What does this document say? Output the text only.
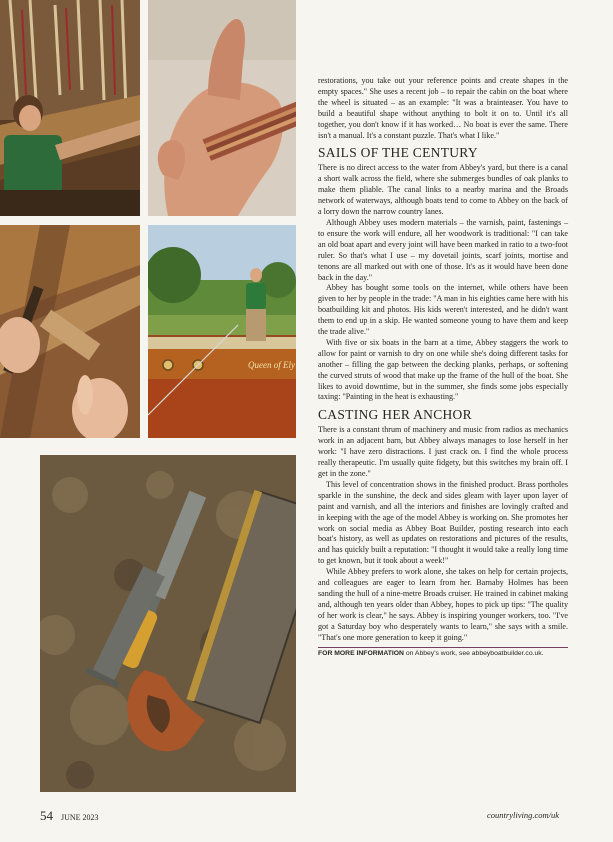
Queen of Ely

restorations, you take out your reference points and create shapes in the empty spaces." She uses a recent job – to repair the cabin on the boat where the wheel is situated – as an example: "It was a brainteaser. You have to build a beautiful shape without anything to bolt it on to. Until it's all together, you don't know if it has worked… No boat is ever the same. There isn't a manual. It's a constant puzzle. That's what I like."

SAILS OF THE CENTURY

There is no direct access to the water from Abbey's yard, but there is a canal a short walk across the field, where she submerges bundles of oak planks to make them pliable. The canal links to a nearby marina and the Broads network of waterways, although boats tend to come to Abbey on the back of a lorry down the narrow country lanes.

Although Abbey uses modern materials – the varnish, paint, fastenings – to ensure the work will endure, all her woodwork is traditional: "I can take an old boat apart and every joint will have been marked in ratio to a two-foot ruler. So that's what I use – my dovetail joints, scarf joints, mortise and tenons are all marked out with one of those. It's as it would have been done back in the day."

Abbey has bought some tools on the internet, while others have been given to her by people in the trade: "A man in his eighties came here with his boatbuilding kit and photos. His kids weren't interested, and he didn't want them to end up in a skip. He wanted someone young to have them and keep the trade alive."

With five or six boats in the barn at a time, Abbey staggers the work to allow for paint or varnish to dry on one while she's doing different tasks for another – filling the gap between the decking planks, perhaps, or softening the curved struts of wood that make up the frame of the hull of the boat. She likes to avoid downtime, but in the summer, she finds some jobs especially taxing: "Painting in the heat is exhausting."

CASTING HER ANCHOR

There is a constant thrum of machinery and music from radios as mechanics work in an adjacent barn, but Abbey always manages to lose herself in her work: "I have zero distractions. I just crack on. I find the whole process really therapeutic. I'm usually quite fidgety, but this switches my brain off. I get in the zone."

This level of concentration shows in the finished product. Brass portholes sparkle in the sunshine, the deck and sides gleam with layer upon layer of paint and varnish, and all the interiors and finishes are lovingly crafted and in keeping with the age of the model Abbey is working on. She promotes her work on social media as Abbey Boat Builder, posting research into each boat's history, as well as updates on restorations and pictures of the results, and has quickly built a reputation: "I thought it would take a really long time to get known, but it took about a week!"

While Abbey prefers to work alone, she takes on help for certain projects, and colleagues are eager to learn from her. Barnaby Holmes has been sanding the hull of a nine-metre Broads cruiser. He trained in cabinet making and, although ten years older than Abbey, hopes to pick up tips: "The quality of her work is clear," he says. Abbey is inspiring younger workers, too. "I've got a Saturday boy who desperately wants to learn," she says with a smile. "That's one more generation to keep it going."

FOR MORE INFORMATION on Abbey's work, see abbeyboatbuilder.co.uk.
54 JUNE 2023	countryliving.com/uk
